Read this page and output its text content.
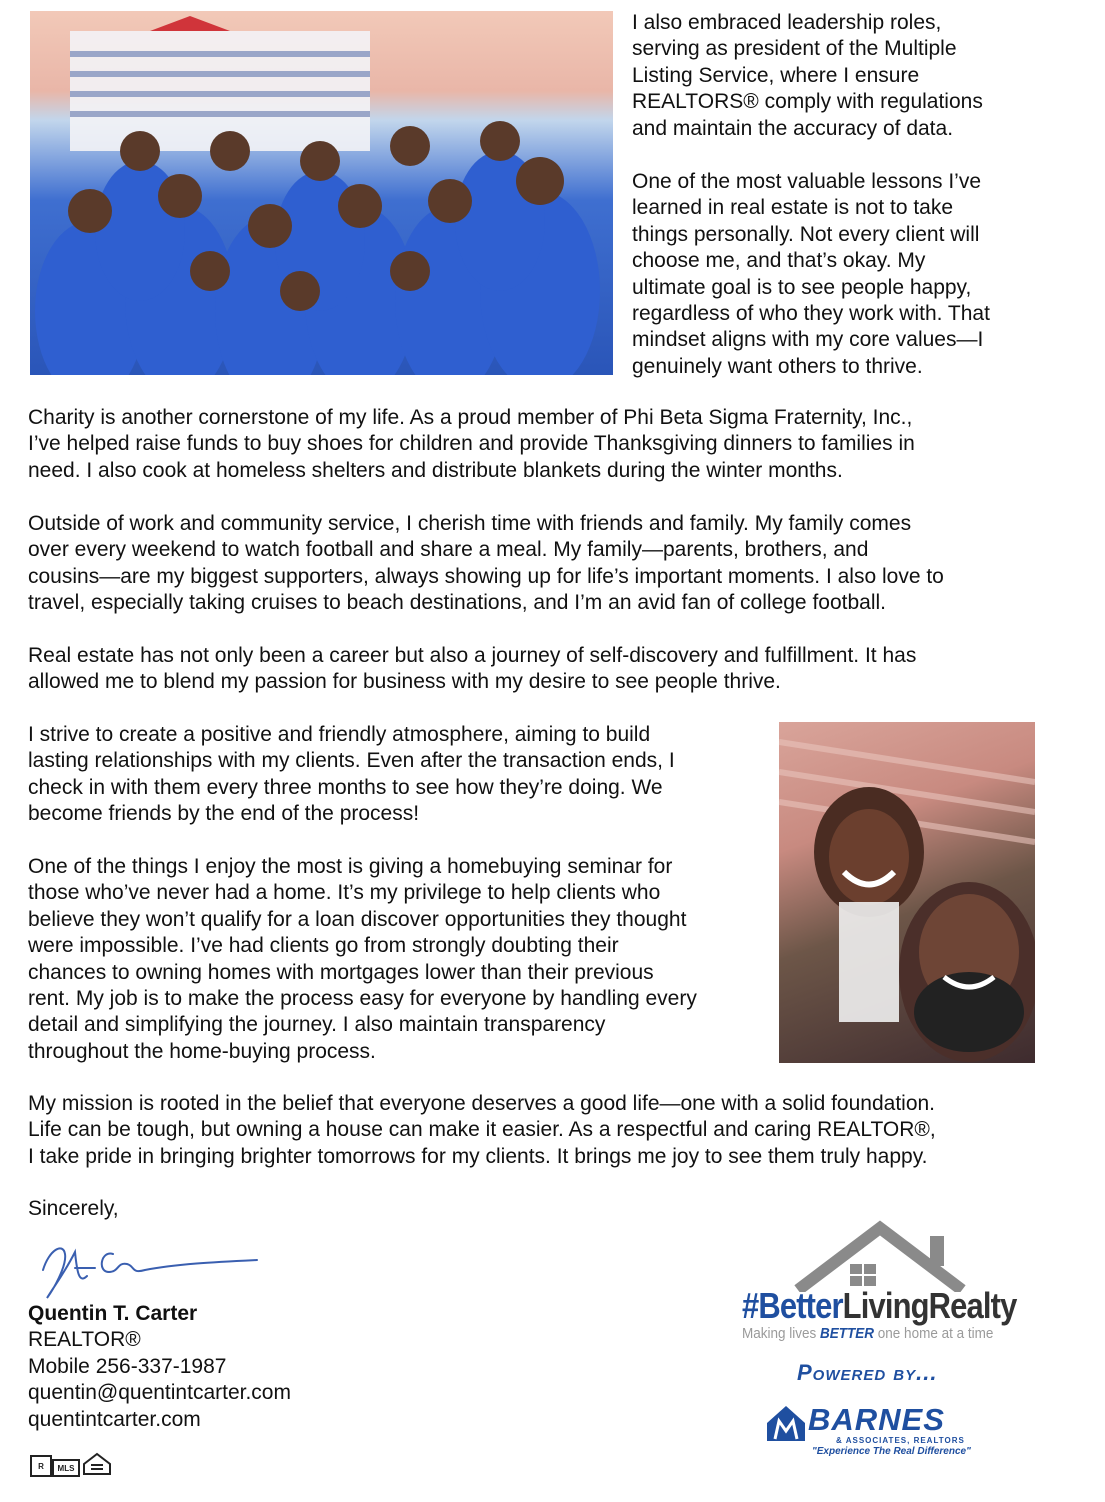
I also embraced leadership roles,
serving as president of the Multiple
Listing Service, where I ensure
REALTORS® comply with regulations
and maintain the accuracy of data.

One of the most valuable lessons I’ve
learned in real estate is not to take
things personally. Not every client will
choose me, and that’s okay. My
ultimate goal is to see people happy,
regardless of who they work with. That
mindset aligns with my core values—I
genuinely want others to thrive.

Charity is another cornerstone of my life. As a proud member of Phi Beta Sigma Fraternity, Inc.,
I’ve helped raise funds to buy shoes for children and provide Thanksgiving dinners to families in
need. I also cook at homeless shelters and distribute blankets during the winter months.

Outside of work and community service, I cherish time with friends and family. My family comes
over every weekend to watch football and share a meal. My family—parents, brothers, and
cousins—are my biggest supporters, always showing up for life’s important moments. I also love to
travel, especially taking cruises to beach destinations, and I’m an avid fan of college football.

Real estate has not only been a career but also a journey of self-discovery and fulfillment. It has
allowed me to blend my passion for business with my desire to see people thrive.

I strive to create a positive and friendly atmosphere, aiming to build
lasting relationships with my clients. Even after the transaction ends, I
check in with them every three months to see how they’re doing. We
become friends by the end of the process!

One of the things I enjoy the most is giving a homebuying seminar for
those who’ve never had a home. It’s my privilege to help clients who
believe they won’t qualify for a loan discover opportunities they thought
were impossible. I’ve had clients go from strongly doubting their
chances to owning homes with mortgages lower than their previous
rent. My job is to make the process easy for everyone by handling every
detail and simplifying the journey. I also maintain transparency
throughout the home-buying process.

My mission is rooted in the belief that everyone deserves a good life—one with a solid foundation.
Life can be tough, but owning a house can make it easier. As a respectful and caring REALTOR®,
I take pride in bringing brighter tomorrows for my clients. It brings me joy to see them truly happy.

Sincerely,

Quentin T. Carter
REALTOR®
Mobile 256-337-1987
quentin@quentintcarter.com
quentintcarter.com
R	MLS
#BetterLivingRealty
Making lives BETTER one home at a time
Powered by...
BARNES
& ASSOCIATES, REALTORS
"Experience The Real Difference"
